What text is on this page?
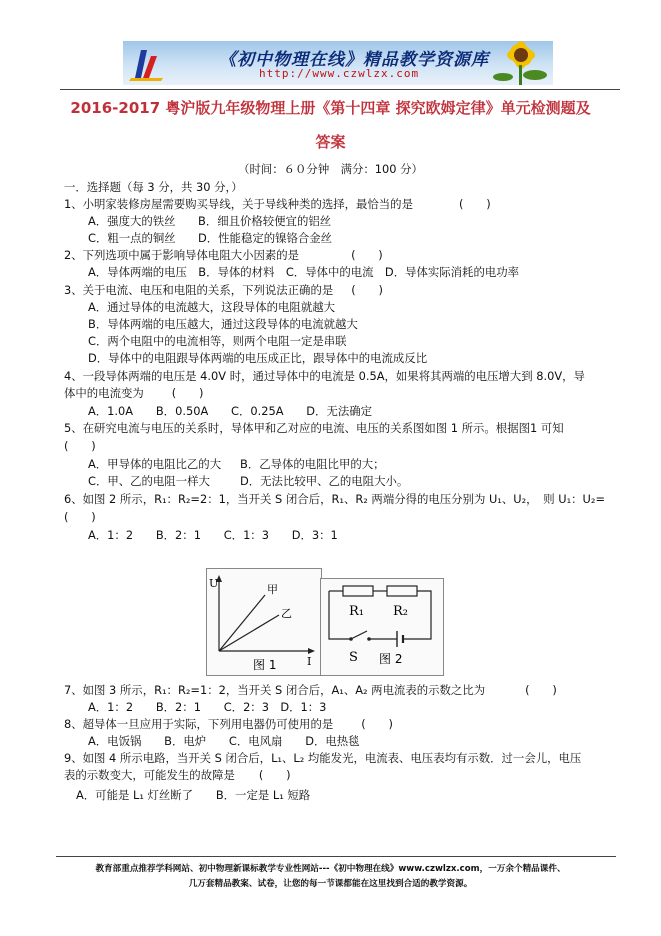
《初中物理在线》精品教学资源库
http://www.czwlzx.com
2016-2017 粤沪版九年级物理上册《第十四章 探究欧姆定律》单元检测题及
答案
（时间：６０分钟　满分：100 分）
一．选择题（每 3 分，共 30 分，）
1、小明家装修房屋需要购买导线，关于导线种类的选择，最恰当的是	(　　)
A．强度大的铁丝 B．细且价格较便宜的铝丝
C．粗一点的铜丝 D．性能稳定的镍铬合金丝
2、下列选项中属于影响导体电阻大小因素的是	(　　)
A．导体两端的电压　B．导体的材料　C．导体中的电流　D．导体实际消耗的电功率
3、关于电流、电压和电阻的关系，下列说法正确的是 (　　)
A．通过导体的电流越大，这段导体的电阻就越大
B．导体两端的电压越大，通过这段导体的电流就越大
C．两个电阻中的电流相等，则两个电阻一定是串联
D．导体中的电阻跟导体两端的电压成正比，跟导体中的电流成反比
4、一段导体两端的电压是 4.0V 时，通过导体中的电流是 0.5A，如果将其两端的电压增大到 8.0V，导
体中的电流变为 (　　)
A．1.0A　　B．0.50A　　C．0.25A　　D．无法确定
5、在研究电流与电压的关系时，导体甲和乙对应的电流、电压的关系图如图 1 所示。根据图1 可知
(　　)
A．甲导体的电阻比乙的大 B．乙导体的电阻比甲的大；
C．甲、乙的电阻一样大	D．无法比较甲、乙的电阻大小。
6、如图 2 所示，R₁：R₂=2：1，当开关 S 闭合后，R₁、R₂ 两端分得的电压分别为 U₁、U₂，　则 U₁：U₂=
(　　)
A．1：2　　B．2：1　　C．1：3　　D．3：1
U
I
甲
乙
图 1
R₁ R₂
S 图 2
7、如图 3 所示，R₁：R₂=1：2，当开关 S 闭合后，A₁、A₂ 两电流表的示数之比为	(　　)
A．1：2　　B．2：1　　C．2：3　D．1：3
8、超导体一旦应用于实际，下列用电器仍可使用的是 (　　)
A．电饭锅　　B．电炉　　C．电风扇　　D．电热毯
9、如图 4 所示电路，当开关 S 闭合后，L₁、L₂ 均能发光，电流表、电压表均有示数．过一会儿，电压
表的示数变大，可能发生的故障是 (　　)
A．可能是 L₁ 灯丝断了　　B．一定是 L₁ 短路
教育部重点推荐学科网站、初中物理新课标教学专业性网站---《初中物理在线》www.czwlzx.com，一万余个精品课件、
几万套精品教案、试卷，让您的每一节课都能在这里找到合适的教学资源。
